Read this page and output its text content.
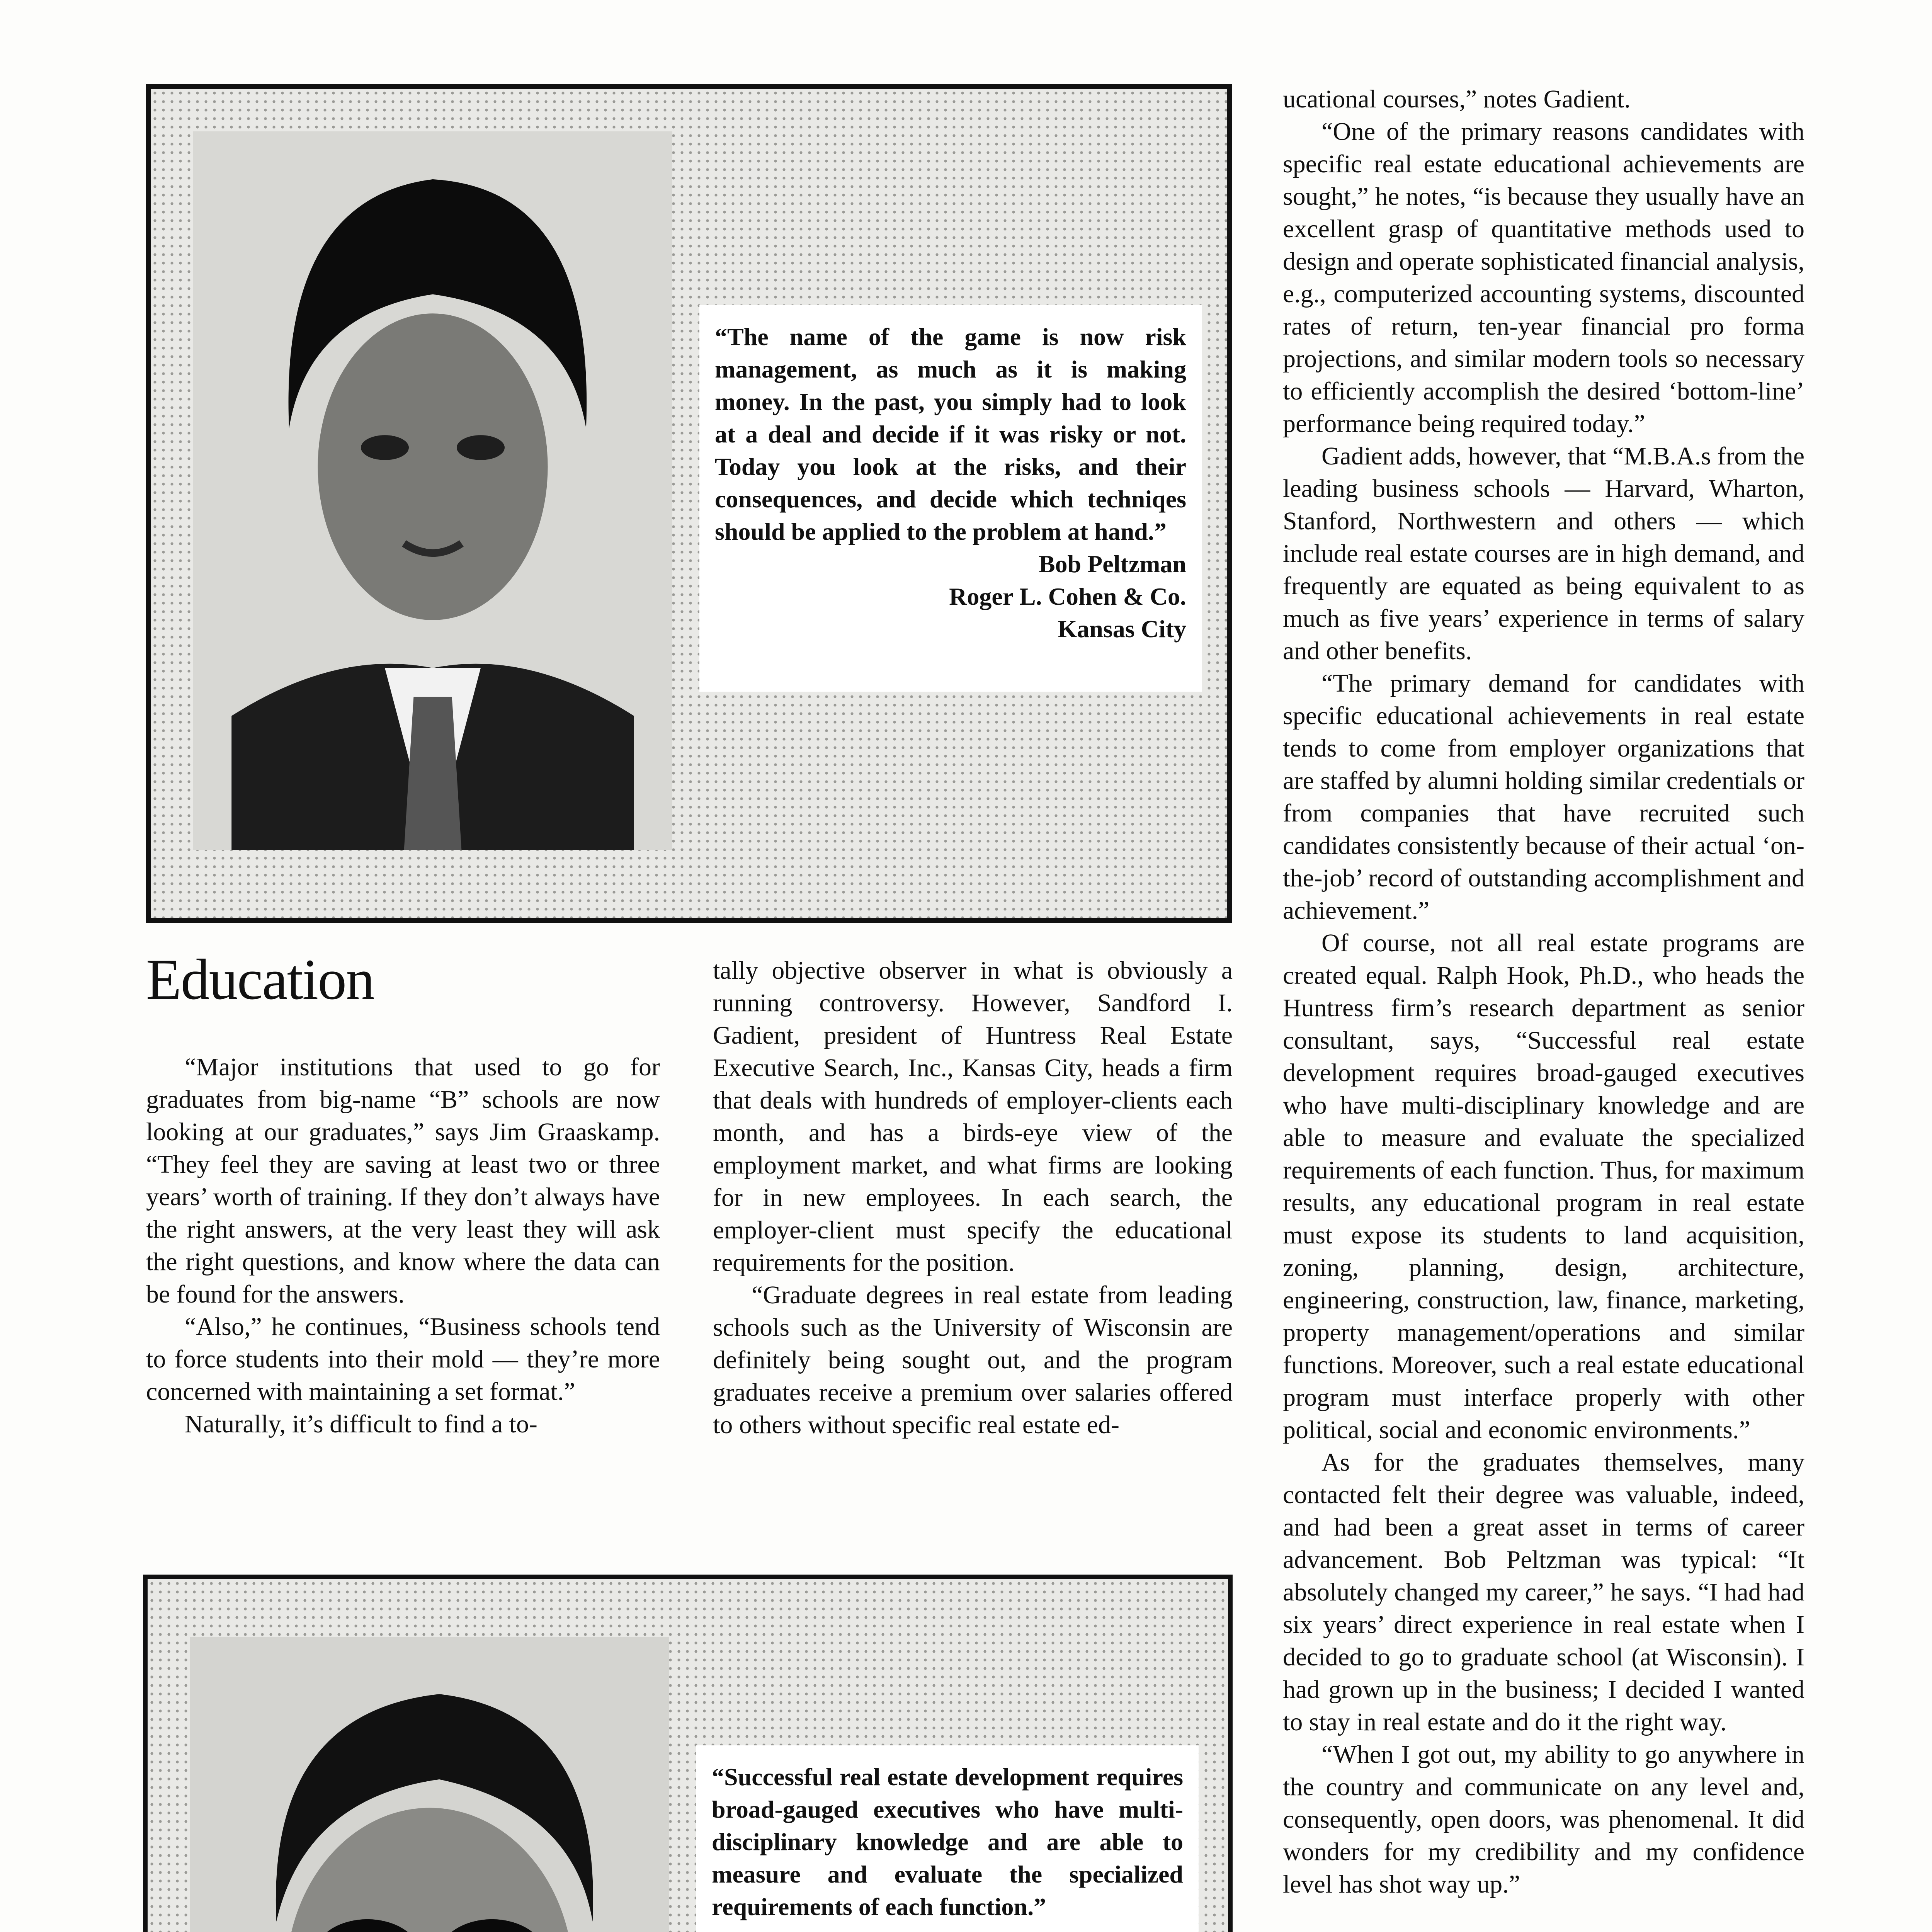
“The name of the game is now risk management, as much as it is making money. In the past, you simply had to look at a deal and decide if it was risky or not. Today you look at the risks, and their consequences, and decide which techniqes should be applied to the problem at hand.”
Bob Peltzman
Roger L. Cohen & Co.
Kansas City
Education

“Major institutions that used to go for graduates from big-name “B” schools are now looking at our graduates,” says Jim Graaskamp. “They feel they are saving at least two or three years’ worth of training. If they don’t always have the right answers, at the very least they will ask the right questions, and know where the data can be found for the answers.

“Also,” he continues, “Business schools tend to force students into their mold — they’re more concerned with maintaining a set format.”

Naturally, it’s difficult to find a to-

tally objective observer in what is obviously a running controversy. However, Sandford I. Gadient, president of Huntress Real Estate Executive Search, Inc., Kansas City, heads a firm that deals with hundreds of employer-clients each month, and has a birds-eye view of the employment market, and what firms are looking for in new employees. In each search, the employer-client must specify the educational requirements for the position.

“Graduate degrees in real estate from leading schools such as the University of Wisconsin are definitely being sought out, and the program graduates receive a premium over salaries offered to others without specific real estate ed-

ucational courses,” notes Gadient.

“One of the primary reasons candidates with specific real estate educational achievements are sought,” he notes, “is because they usually have an excellent grasp of quantitative methods used to design and operate sophisticated financial analysis, e.g., computerized accounting systems, discounted rates of return, ten-year financial pro forma projections, and similar modern tools so necessary to efficiently accomplish the desired ‘bottom-line’ performance being required today.”

Gadient adds, however, that “M.B.A.s from the leading business schools — Harvard, Wharton, Stanford, Northwestern and others — which include real estate courses are in high demand, and frequently are equated as being equivalent to as much as five years’ experience in terms of salary and other benefits.

“The primary demand for candidates with specific educational achievements in real estate tends to come from employer organizations that are staffed by alumni holding similar credentials or from companies that have recruited such candidates consistently because of their actual ‘on-the-job’ record of outstanding accomplishment and achievement.”

Of course, not all real estate programs are created equal. Ralph Hook, Ph.D., who heads the Huntress firm’s research department as senior consultant, says, “Successful real estate development requires broad-gauged executives who have multi-disciplinary knowledge and are able to measure and evaluate the specialized requirements of each function. Thus, for maximum results, any educational program in real estate must expose its students to land acquisition, zoning, planning, design, architecture, engineering, construction, law, finance, marketing, property management/operations and similar functions. Moreover, such a real estate educational program must interface properly with other political, social and economic environments.”

As for the graduates themselves, many contacted felt their degree was valuable, indeed, and had been a great asset in terms of career advancement. Bob Peltzman was typical: “It absolutely changed my career,” he says. “I had had six years’ direct experience in real estate when I decided to go to graduate school (at Wisconsin). I had grown up in the business; I decided I wanted to stay in real estate and do it the right way.

“When I got out, my ability to go anywhere in the country and communicate on any level and, consequently, open doors, was phenomenal. It did wonders for my credibility and my confidence level has shot way up.”

“Successful real estate development requires broad-gauged executives who have multi-disciplinary knowledge and are able to measure and evaluate the specialized requirements of each function.”
